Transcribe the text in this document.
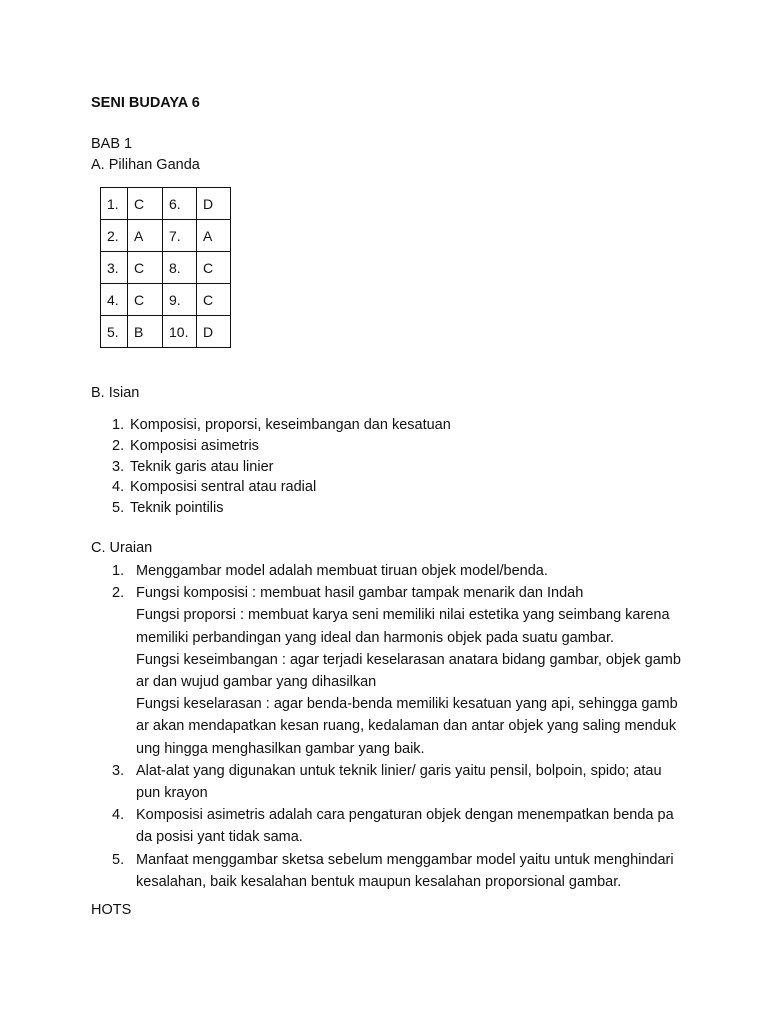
SENI BUDAYA 6
BAB 1
A. Pilihan Ganda
1.	C	6.	D
2.	A	7.	A
3.	C	8.	C
4.	C	9.	C
5.	B	10.	D
B. Isian
1. Komposisi, proporsi, keseimbangan dan kesatuan
2. Komposisi asimetris
3. Teknik garis atau linier
4. Komposisi sentral atau radial
5. Teknik pointilis
C. Uraian
1. Menggambar model adalah membuat tiruan objek model/benda.
2. Fungsi komposisi : membuat hasil gambar tampak menarik dan Indah
Fungsi proporsi : membuat karya seni memiliki nilai estetika yang seimbang karena
memiliki perbandingan yang ideal dan harmonis objek pada suatu gambar.
Fungsi keseimbangan : agar terjadi keselarasan anatara bidang gambar, objek gamb
ar dan wujud gambar yang dihasilkan
Fungsi keselarasan : agar benda-benda memiliki kesatuan yang api, sehingga gamb
ar akan mendapatkan kesan ruang, kedalaman dan antar objek yang saling menduk
ung hingga menghasilkan gambar yang baik.
3. Alat-alat yang digunakan untuk teknik linier/ garis yaitu pensil, bolpoin, spido; atau
pun krayon
4. Komposisi asimetris adalah cara pengaturan objek dengan menempatkan benda pa
da posisi yant tidak sama.
5. Manfaat menggambar sketsa sebelum menggambar model yaitu untuk menghindari
kesalahan, baik kesalahan bentuk maupun kesalahan proporsional gambar.
HOTS
